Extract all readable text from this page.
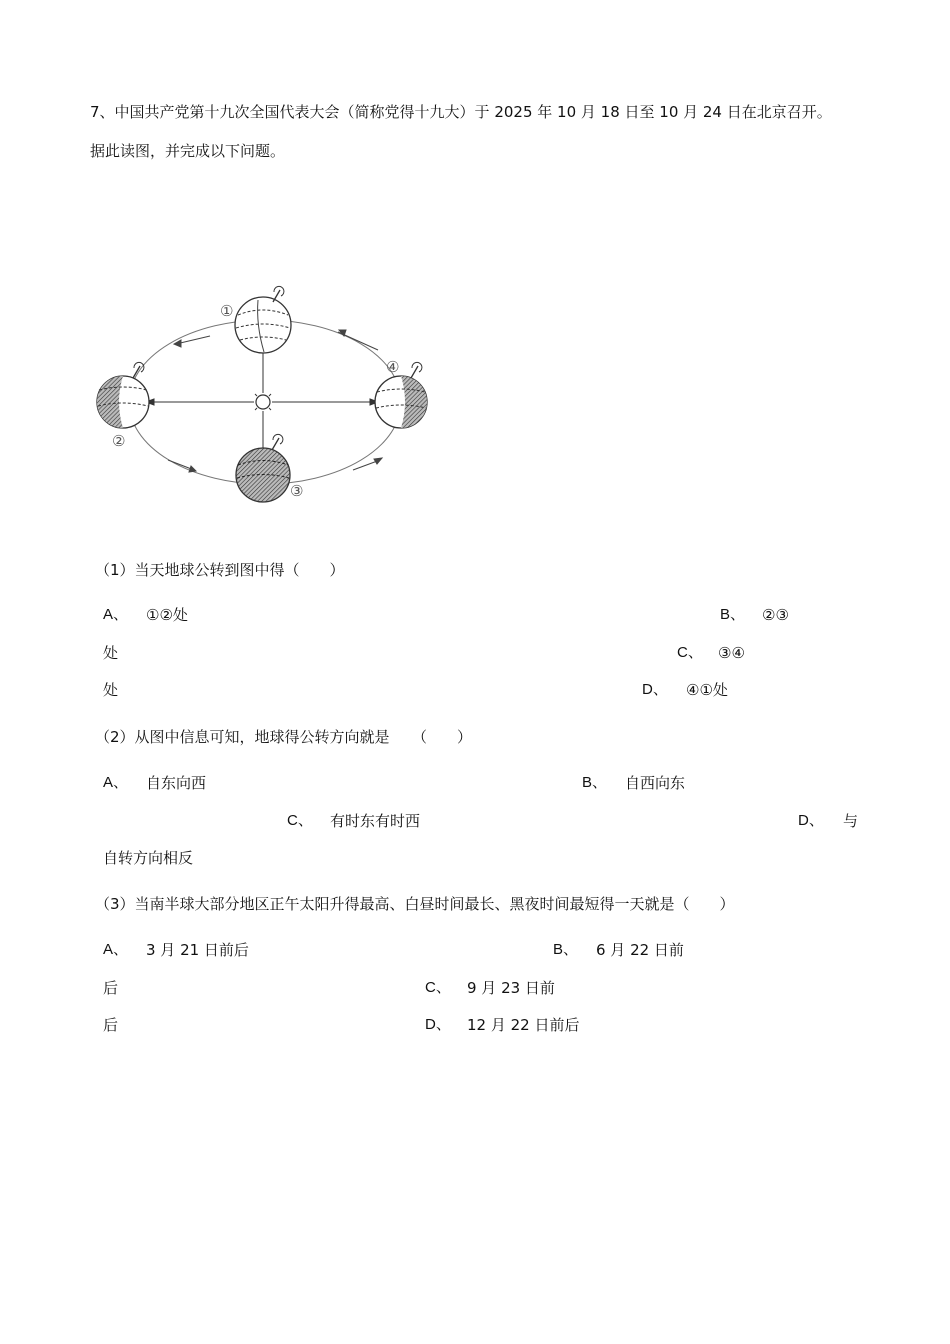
7、中国共产党第十九次全国代表大会（简称党得十九大）于 2025 年 10 月 18 日至 10 月 24 日在北京召开。
据此读图，并完成以下问题。
①
②
③
④
（1）当天地球公转到图中得（　　）
A、 ①②处	B、 ②③
处	C、 ③④
处	D、 ④①处
（2）从图中信息可知，地球得公转方向就是　　（　　）
A、 自东向西	B、 自西向东
C、 有时东有时西	D、 与
自转方向相反
（3）当南半球大部分地区正午太阳升得最高、白昼时间最长、黑夜时间最短得一天就是（　　）
A、 3 月 21 日前后	B、 6 月 22 日前
后	C、 9 月 23 日前
后	D、 12 月 22 日前后
